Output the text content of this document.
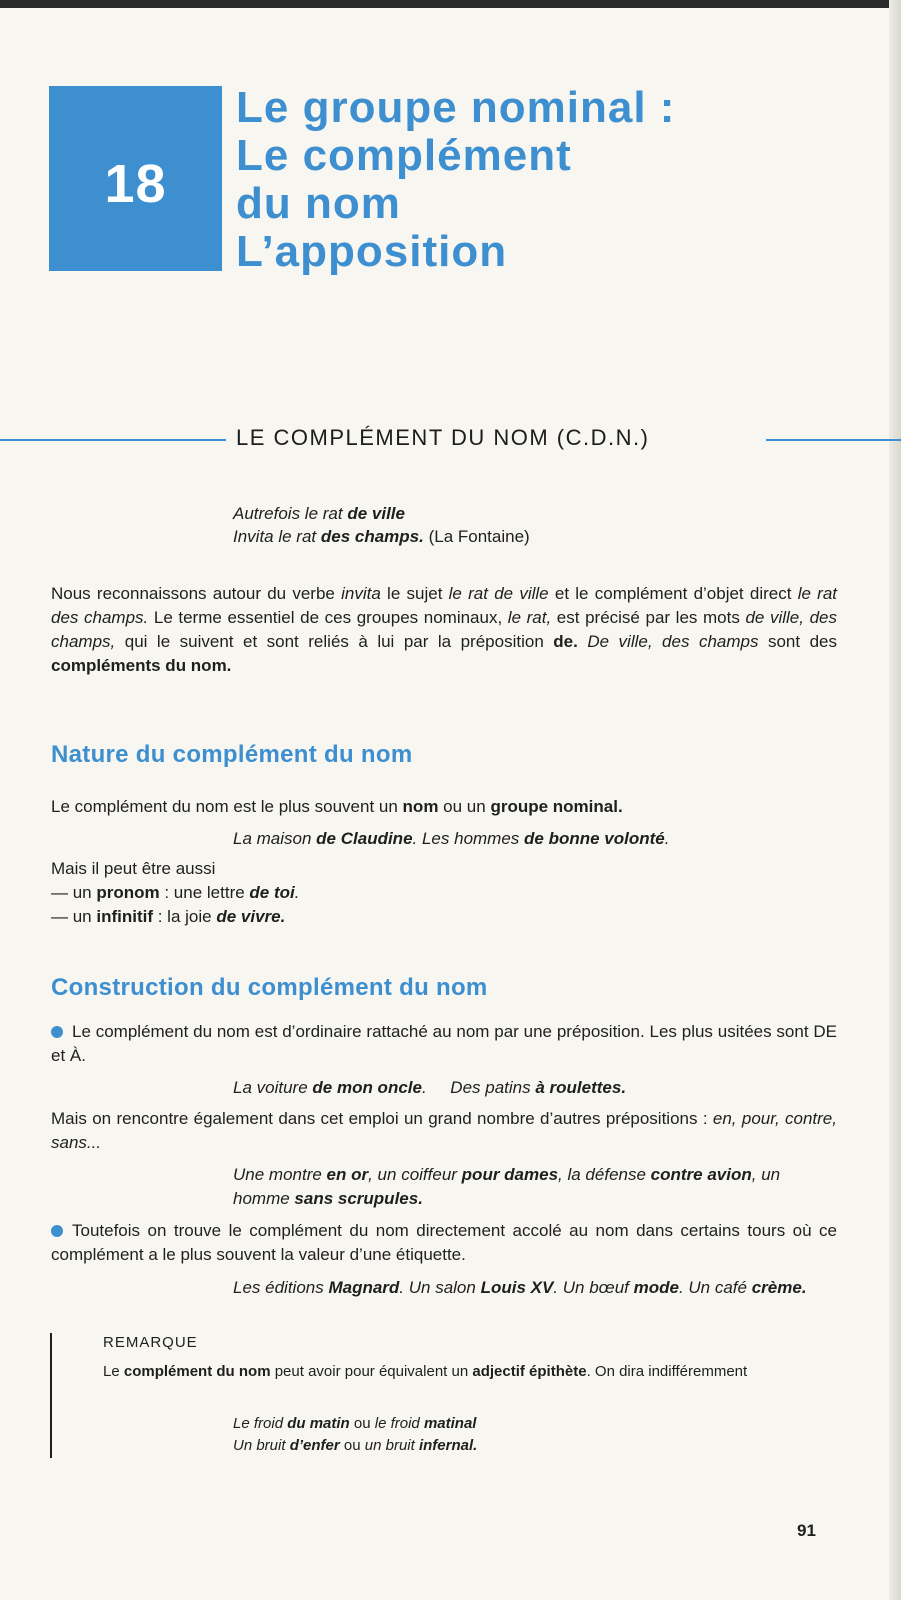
18
Le groupe nominal :
Le complément
du nom
L’apposition
LE COMPLÉMENT DU NOM (C.D.N.)
Autrefois le rat de ville
Invita le rat des champs. (La Fontaine)
Nous reconnaissons autour du verbe invita le sujet le rat de ville et le complément d’objet direct le rat des champs. Le terme essentiel de ces groupes nominaux, le rat, est précisé par les mots de ville, des champs, qui le suivent et sont reliés à lui par la préposition de. De ville, des champs sont des compléments du nom.
Nature du complément du nom
Le complément du nom est le plus souvent un nom ou un groupe nominal.
La maison de Claudine. Les hommes de bonne volonté.
Mais il peut être aussi
— un pronom : une lettre de toi.
— un infinitif : la joie de vivre.
Construction du complément du nom
Le complément du nom est d’ordinaire rattaché au nom par une préposition. Les plus usitées sont DE et À.
La voiture de mon oncle.     Des patins à roulettes.
Mais on rencontre également dans cet emploi un grand nombre d’autres prépositions : en, pour, contre, sans...
Une montre en or, un coiffeur pour dames, la défense contre avion, un homme sans scrupules.
Toutefois on trouve le complément du nom directement accolé au nom dans certains tours où ce complément a le plus souvent la valeur d’une étiquette.
Les éditions Magnard. Un salon Louis XV. Un bœuf mode. Un café crème.
REMARQUE
Le complément du nom peut avoir pour équivalent un adjectif épithète. On dira indifféremment
Le froid du matin ou le froid matinal
Un bruit d’enfer ou un bruit infernal.
91
